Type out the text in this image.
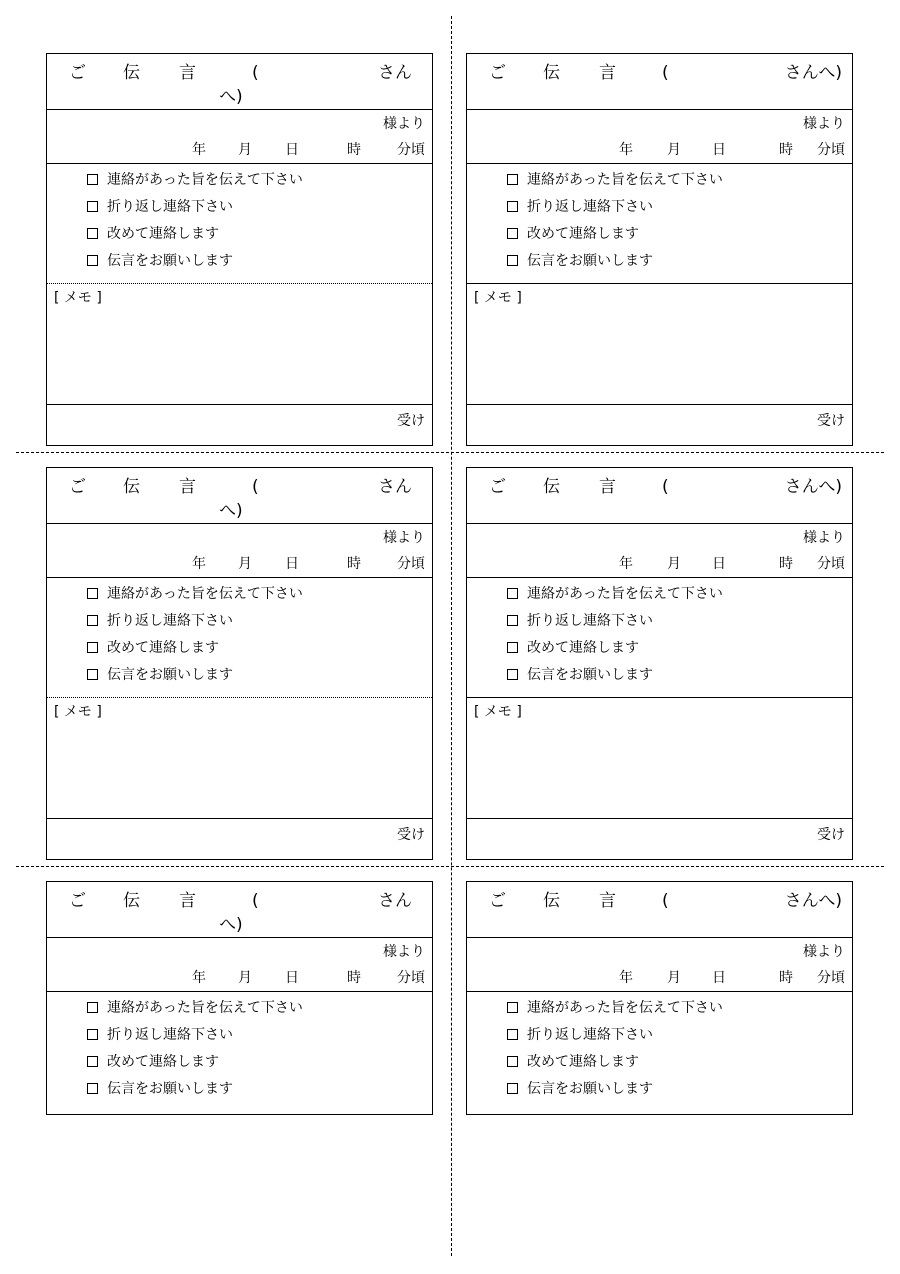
ご 伝 言	(	さん
へ)
様より
年 月 日	時	分頃
連絡があった旨を伝えて下さい
折り返し連絡下さい
改めて連絡します
伝言をお願いします
[ メモ ]
受け
ご 伝 言	(	さんへ)
様より
年 月 日	時 分頃
連絡があった旨を伝えて下さい
折り返し連絡下さい
改めて連絡します
伝言をお願いします
[ メモ ]
受け
ご 伝 言	(	さん
へ)
様より
年 月 日	時	分頃
連絡があった旨を伝えて下さい
折り返し連絡下さい
改めて連絡します
伝言をお願いします
[ メモ ]
受け
ご 伝 言	(	さんへ)
様より
年 月 日	時 分頃
連絡があった旨を伝えて下さい
折り返し連絡下さい
改めて連絡します
伝言をお願いします
[ メモ ]
受け
ご 伝 言	(	さん
へ)
様より
年 月 日	時	分頃
連絡があった旨を伝えて下さい
折り返し連絡下さい
改めて連絡します
伝言をお願いします
ご 伝 言	(	さんへ)
様より
年 月 日	時 分頃
連絡があった旨を伝えて下さい
折り返し連絡下さい
改めて連絡します
伝言をお願いします
